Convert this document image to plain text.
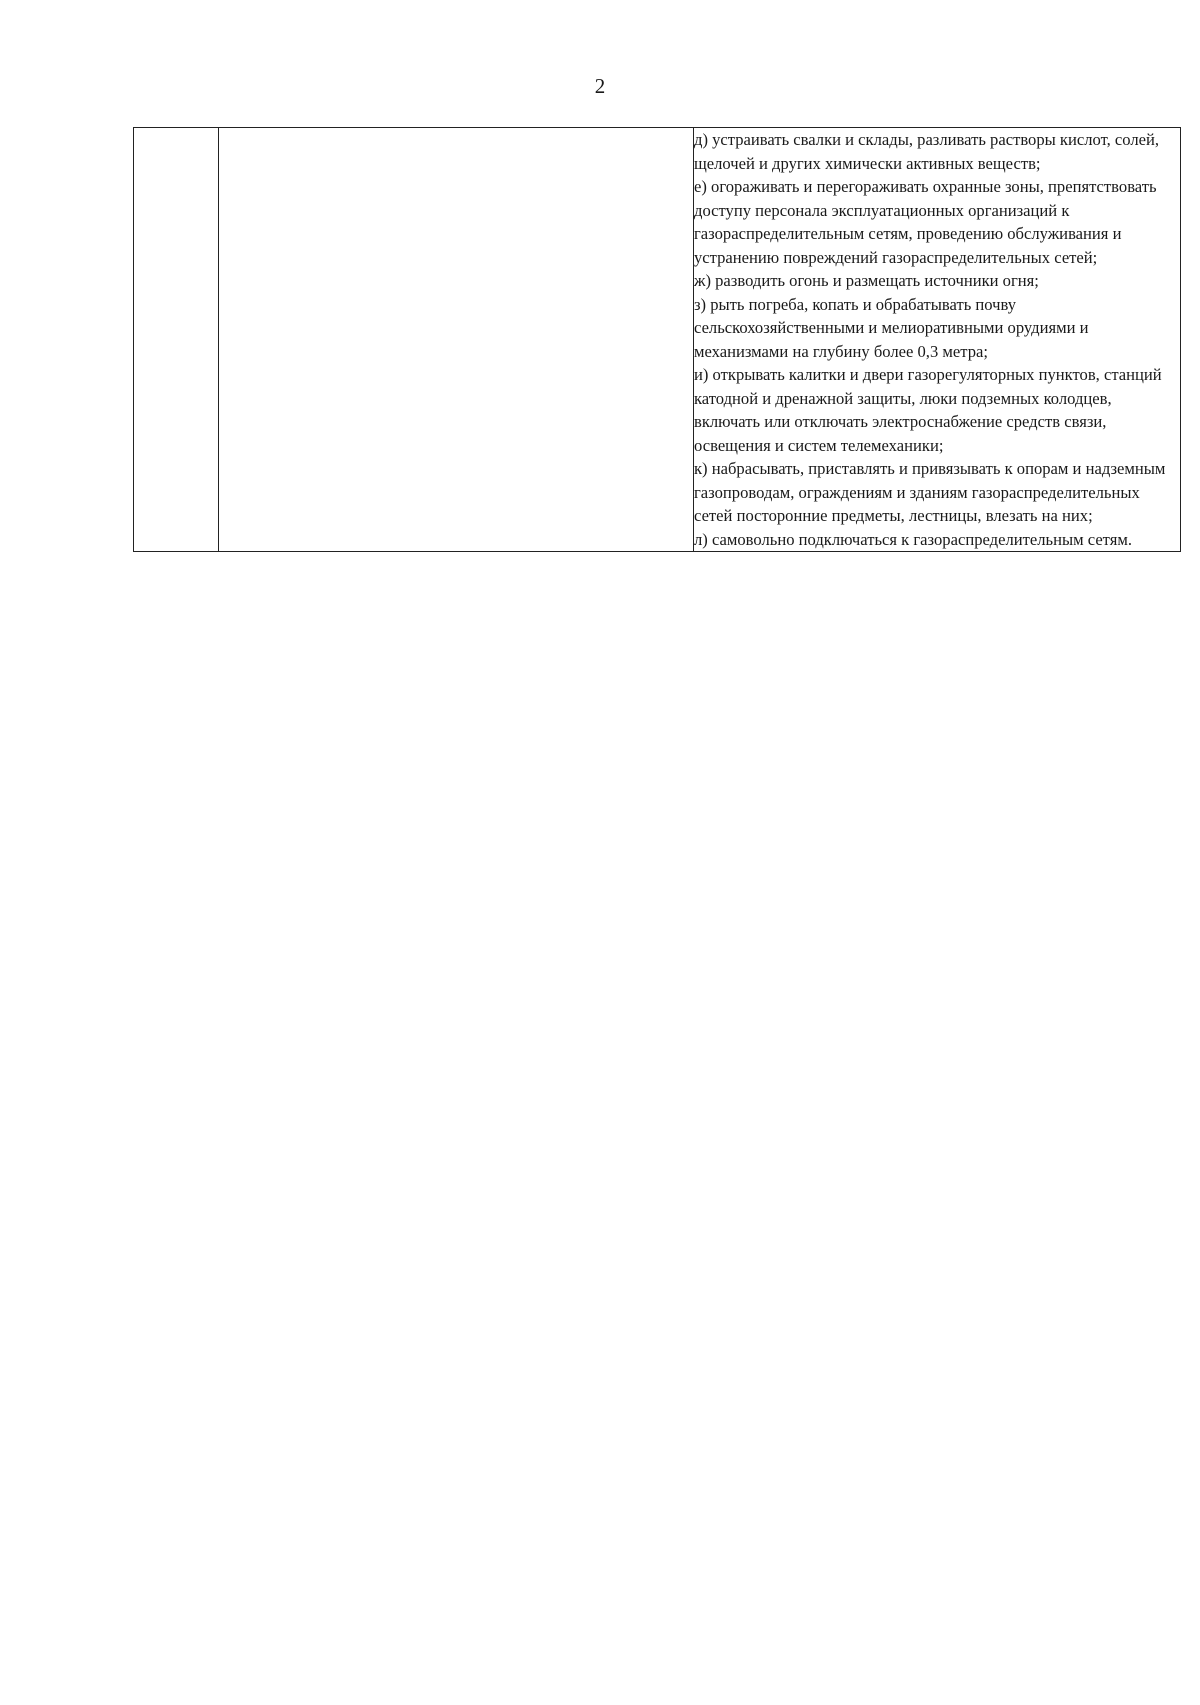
2

д) устраивать свалки и склады, разливать растворы кислот, солей, щелочей и других химически активных веществ;

е) огораживать и перегораживать охранные зоны, препятствовать доступу персонала эксплуатационных организаций к газораспределительным сетям, проведению обслуживания и устранению повреждений газораспределительных сетей;

ж) разводить огонь и размещать источники огня;

з) рыть погреба, копать и обрабатывать почву сельскохозяйственными и мелиоративными орудиями и механизмами на глубину более 0,3 метра;

и) открывать калитки и двери газорегуляторных пунктов, станций катодной и дренажной защиты, люки подземных колодцев, включать или отключать электроснабжение средств связи, освещения и систем телемеханики;

к) набрасывать, приставлять и привязывать к опорам и надземным газопроводам, ограждениям и зданиям газораспределительных сетей посторонние предметы, лестницы, влезать на них;

л) самовольно подключаться к газораспределительным сетям.
